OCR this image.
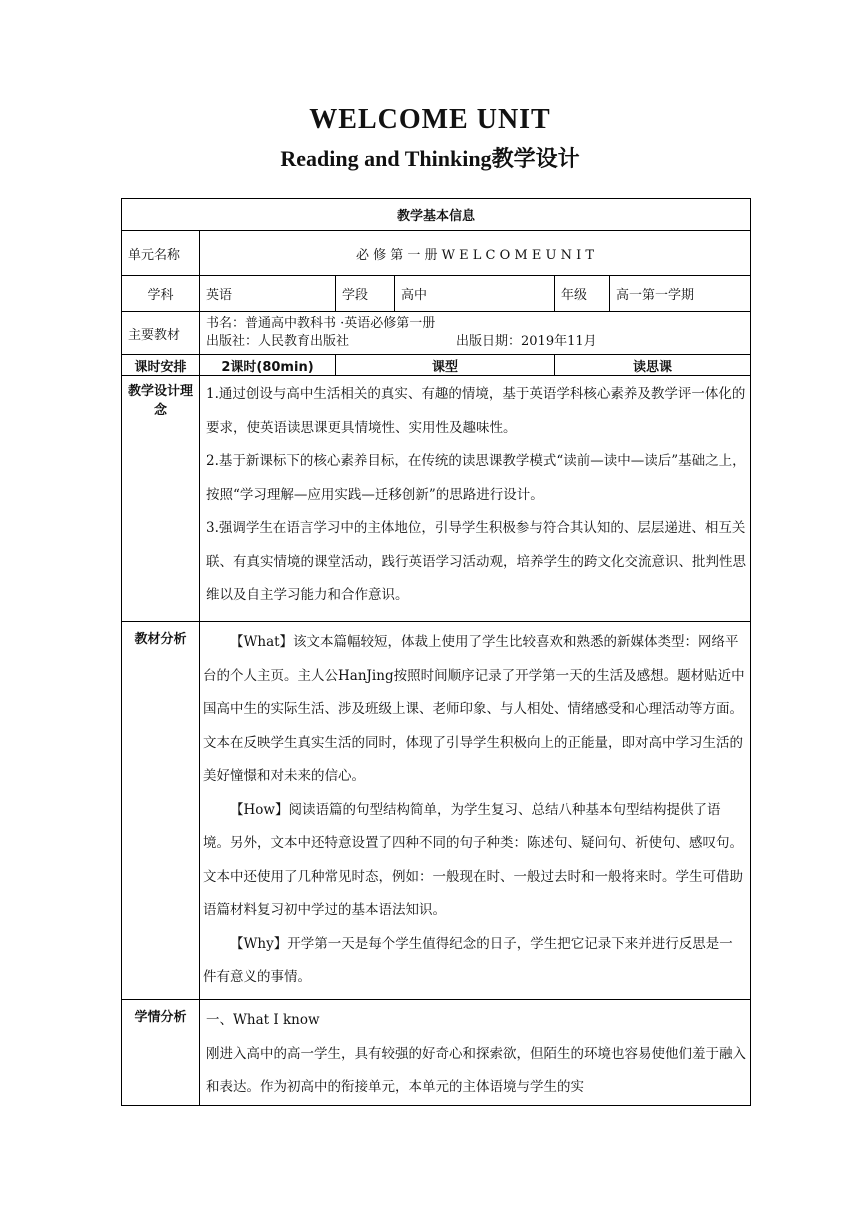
WELCOME UNIT
Reading and Thinking教学设计
教学基本信息					
单元名称	必 修 第 一 册 W E L C O M E U N I T				
学科	英语	学段	高中	年级	高一第一学期
主要教材	书名：普通高中教科书 ·英语必修第一册
出版社：人民教育出版社 出版日期：2019年11月				

课时安排	2课时(80min)	课型		读思课	
教学设计理念	1.通过创设与高中生活相关的真实、有趣的情境，基于英语学科核心素养及教学评一体化的要求，使英语读思课更具情境性、实用性及趣味性。

2.基于新课标下的核心素养目标，在传统的读思课教学模式“读前—读中—读后”基础之上，按照“学习理解—应用实践—迁移创新”的思路进行设计。

3.强调学生在语言学习中的主体地位，引导学生积极参与符合其认知的、层层递进、相互关联、有真实情境的课堂活动，践行英语学习活动观，培养学生的跨文化交流意识、批判性思维以及自主学习能力和合作意识。				

教材分析	【What】该文本篇幅较短，体裁上使用了学生比较喜欢和熟悉的新媒体类型：网络平台的个人主页。主人公HanJing按照时间顺序记录了开学第一天的生活及感想。题材贴近中国高中生的实际生活、涉及班级上课、老师印象、与人相处、情绪感受和心理活动等方面。文本在反映学生真实生活的同时，体现了引导学生积极向上的正能量，即对高中学习生活的美好憧憬和对未来的信心。

【How】阅读语篇的句型结构简单，为学生复习、总结八种基本句型结构提供了语境。另外，文本中还特意设置了四种不同的句子种类：陈述句、疑问句、祈使句、感叹句。文本中还使用了几种常见时态，例如：一般现在时、一般过去时和一般将来时。学生可借助语篇材料复习初中学过的基本语法知识。

【Why】开学第一天是每个学生值得纪念的日子，学生把它记录下来并进行反思是一件有意义的事情。				

学情分析	一、What I know

刚进入高中的高一学生，具有较强的好奇心和探索欲，但陌生的环境也容易使他们羞于融入和表达。作为初高中的衔接单元，本单元的主体语境与学生的实				
